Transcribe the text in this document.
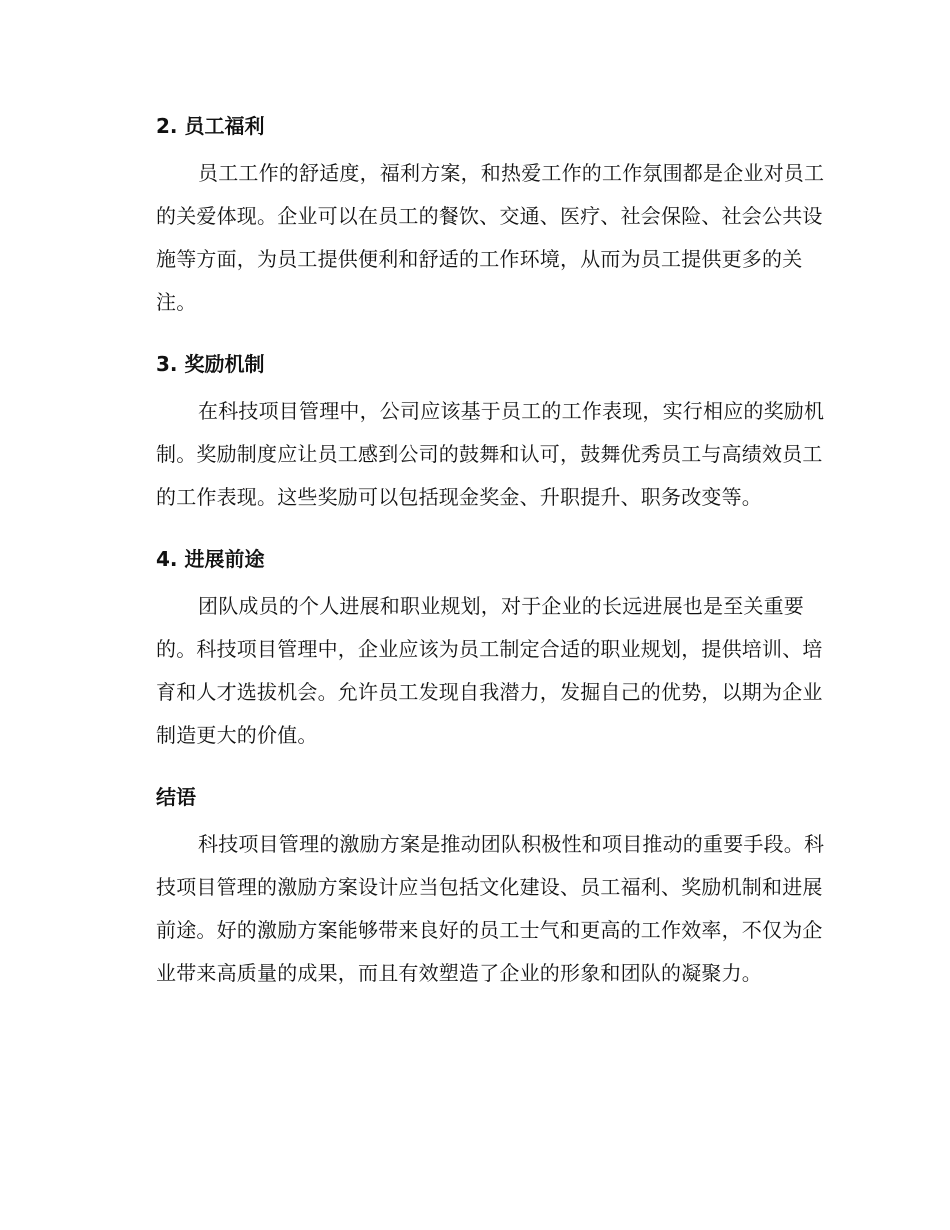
2. 员工福利

员工工作的舒适度，福利方案，和热爱工作的工作氛围都是企业对员工
的关爱体现。企业可以在员工的餐饮、交通、医疗、社会保险、社会公共设
施等方面，为员工提供便利和舒适的工作环境，从而为员工提供更多的关
注。

3. 奖励机制

在科技项目管理中，公司应该基于员工的工作表现，实行相应的奖励机
制。奖励制度应让员工感到公司的鼓舞和认可，鼓舞优秀员工与高绩效员工
的工作表现。这些奖励可以包括现金奖金、升职提升、职务改变等。

4. 进展前途

团队成员的个人进展和职业规划，对于企业的长远进展也是至关重要
的。科技项目管理中，企业应该为员工制定合适的职业规划，提供培训、培
育和人才选拔机会。允许员工发现自我潜力，发掘自己的优势，以期为企业
制造更大的价值。

结语

科技项目管理的激励方案是推动团队积极性和项目推动的重要手段。科
技项目管理的激励方案设计应当包括文化建设、员工福利、奖励机制和进展
前途。好的激励方案能够带来良好的员工士气和更高的工作效率，不仅为企
业带来高质量的成果，而且有效塑造了企业的形象和团队的凝聚力。
